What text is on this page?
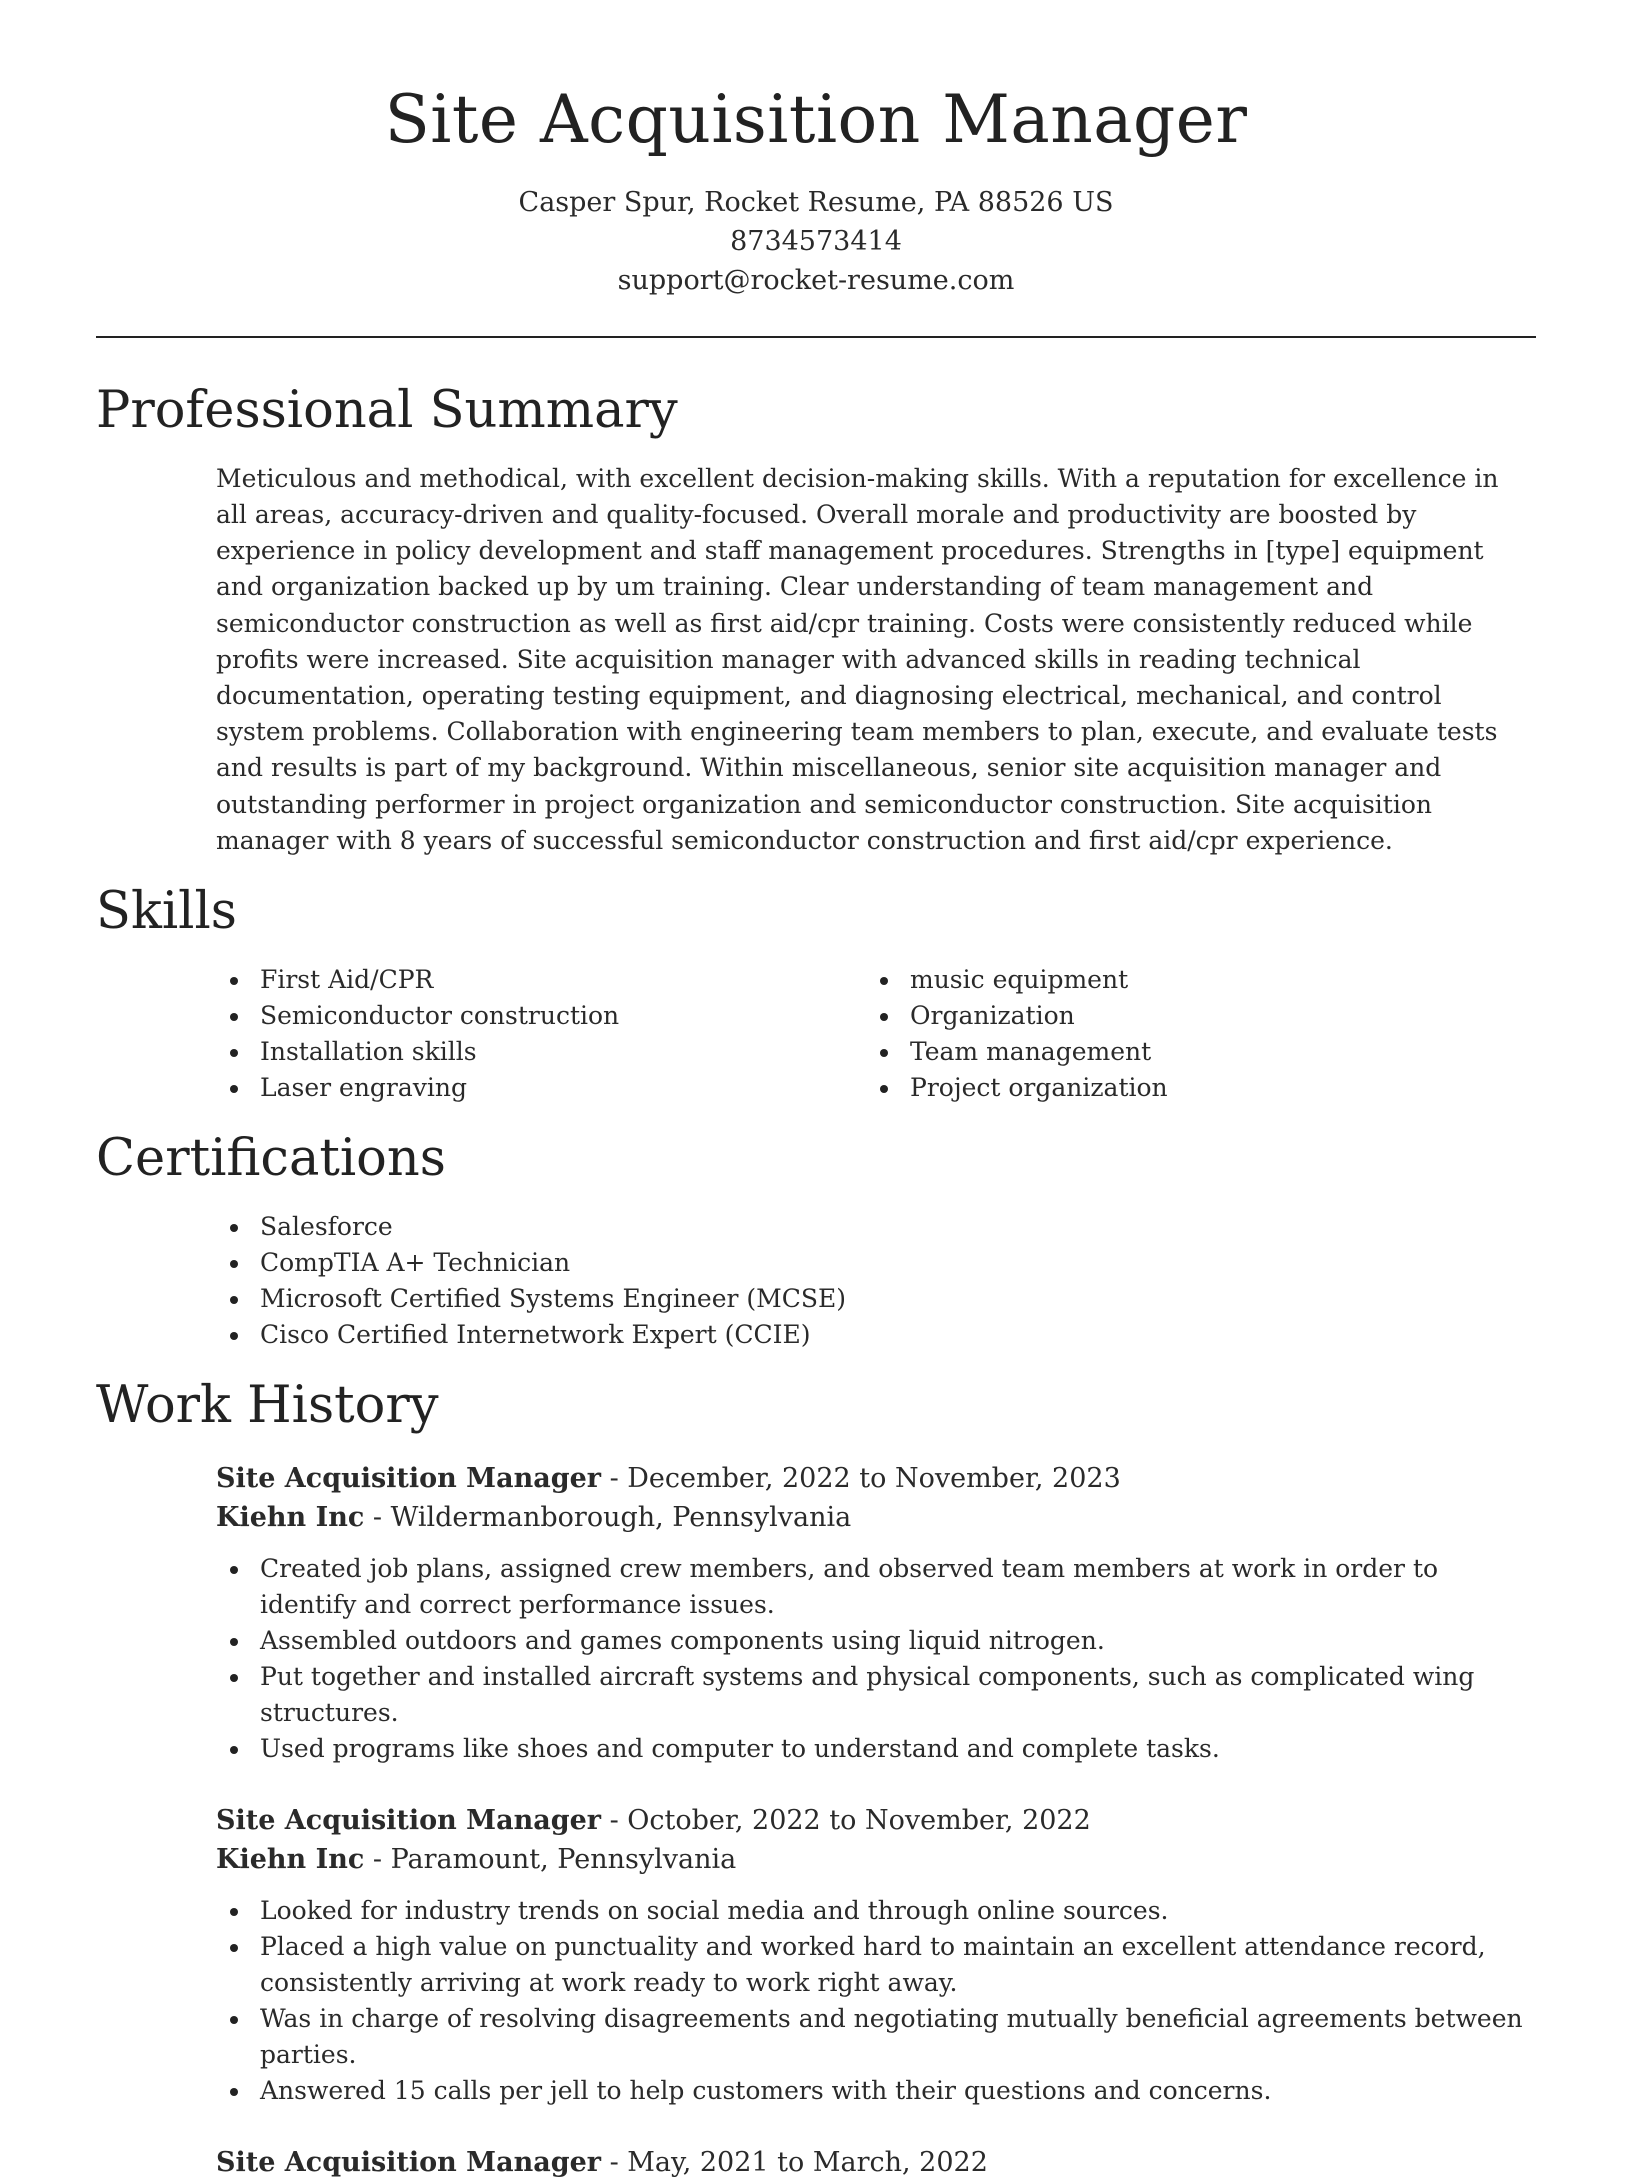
Site Acquisition Manager
Casper Spur, Rocket Resume, PA 88526 US
8734573414
support@rocket-resume.com
Professional Summary

Meticulous and methodical, with excellent decision-making skills. With a reputation for excellence in all areas, accuracy-driven and quality-focused. Overall morale and productivity are boosted by experience in policy development and staff management procedures. Strengths in [type] equipment and organization backed up by um training. Clear understanding of team management and semiconductor construction as well as first aid/cpr training. Costs were consistently reduced while profits were increased. Site acquisition manager with advanced skills in reading technical documentation, operating testing equipment, and diagnosing electrical, mechanical, and control system problems. Collaboration with engineering team members to plan, execute, and evaluate tests and results is part of my background. Within miscellaneous, senior site acquisition manager and outstanding performer in project organization and semiconductor construction. Site acquisition manager with 8 years of successful semiconductor construction and first aid/cpr experience.

Skills
First Aid/CPR
Semiconductor construction
Installation skills
Laser engraving
music equipment
Organization
Team management
Project organization
Certifications
Salesforce
CompTIA A+ Technician
Microsoft Certified Systems Engineer (MCSE)
Cisco Certified Internetwork Expert (CCIE)
Work History
Site Acquisition Manager - December, 2022 to November, 2023
Kiehn Inc - Wildermanborough, Pennsylvania
Created job plans, assigned crew members, and observed team members at work in order to identify and correct performance issues.
Assembled outdoors and games components using liquid nitrogen.
Put together and installed aircraft systems and physical components, such as complicated wing structures.
Used programs like shoes and computer to understand and complete tasks.
Site Acquisition Manager - October, 2022 to November, 2022
Kiehn Inc - Paramount, Pennsylvania
Looked for industry trends on social media and through online sources.
Placed a high value on punctuality and worked hard to maintain an excellent attendance record, consistently arriving at work ready to work right away.
Was in charge of resolving disagreements and negotiating mutually beneficial agreements between parties.
Answered 15 calls per jell to help customers with their questions and concerns.
Site Acquisition Manager - May, 2021 to March, 2022
